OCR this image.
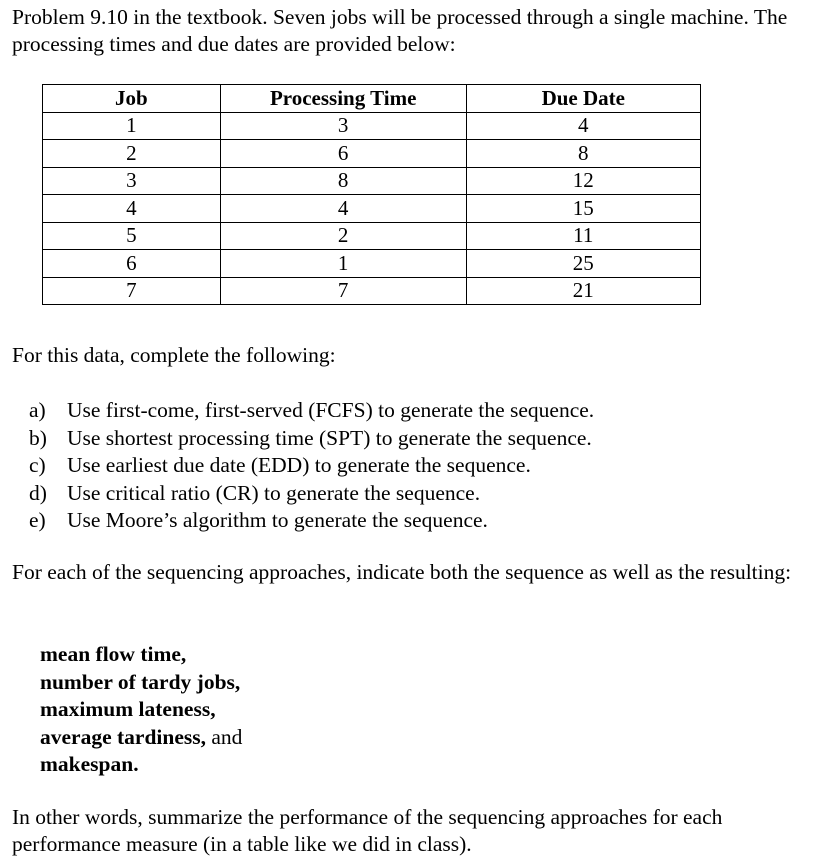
Problem 9.10 in the textbook. Seven jobs will be processed through a single machine. The processing times and due dates are provided below:

Job	Processing Time	Due Date
1	3	4
2	6	8
3	8	12
4	4	15
5	2	11
6	1	25
7	7	21

For this data, complete the following:

a) Use first-come, first-served (FCFS) to generate the sequence.
b) Use shortest processing time (SPT) to generate the sequence.
c) Use earliest due date (EDD) to generate the sequence.
d) Use critical ratio (CR) to generate the sequence.
e) Use Moore’s algorithm to generate the sequence.

For each of the sequencing approaches, indicate both the sequence as well as the resulting:

mean flow time,
number of tardy jobs,
maximum lateness,
average tardiness, and
makespan.

In other words, summarize the performance of the sequencing approaches for each performance measure (in a table like we did in class).
